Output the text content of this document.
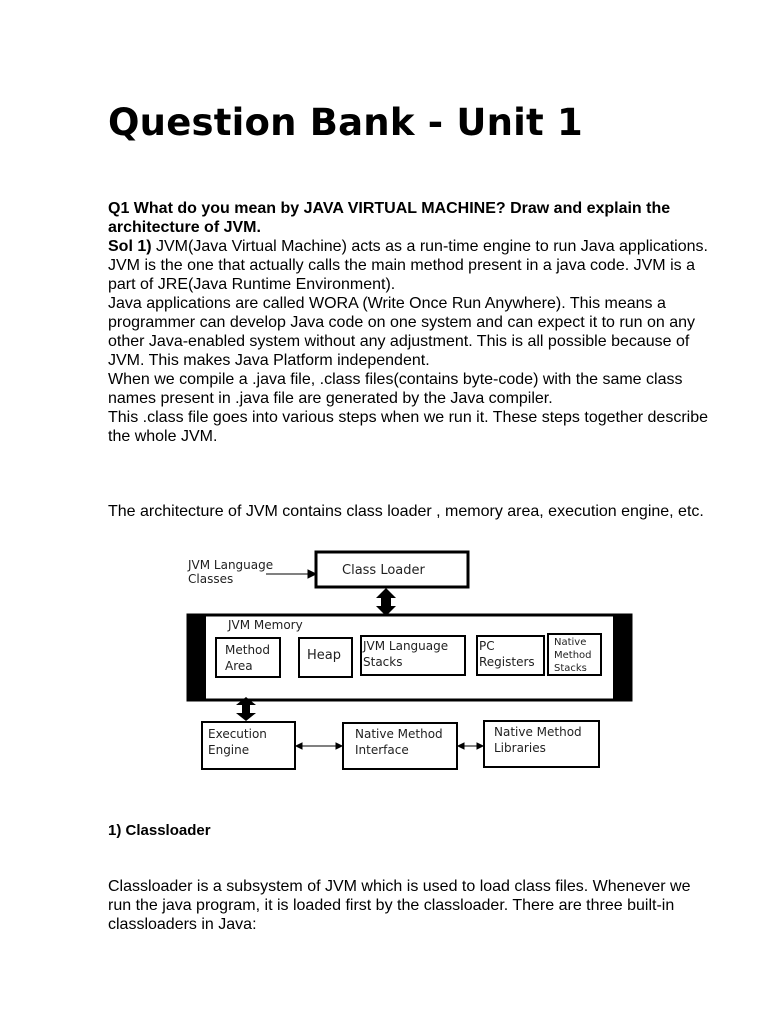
Question Bank - Unit 1

Q1 What do you mean by JAVA VIRTUAL MACHINE? Draw and explain the architecture of JVM.

Sol 1) JVM(Java Virtual Machine) acts as a run-time engine to run Java applications. JVM is the one that actually calls the main method present in a java code. JVM is a part of JRE(Java Runtime Environment).

Java applications are called WORA (Write Once Run Anywhere). This means a programmer can develop Java code on one system and can expect it to run on any other Java-enabled system without any adjustment. This is all possible because of JVM. This makes Java Platform independent.

When we compile a .java file, .class files(contains byte-code) with the same class names present in .java file are generated by the Java compiler.

This .class file goes into various steps when we run it. These steps together describe the whole JVM.

The architecture of JVM contains class loader , memory area, execution engine, etc.

JVM Language Classes
Class Loader
JVM Memory
Method Area
Heap
JVM Language Stacks
PC Registers
Native Method Stacks
Execution Engine
Native Method Interface
Native Method Libraries

1) Classloader

Classloader is a subsystem of JVM which is used to load class files. Whenever we run the java program, it is loaded first by the classloader. There are three built-in classloaders in Java:
